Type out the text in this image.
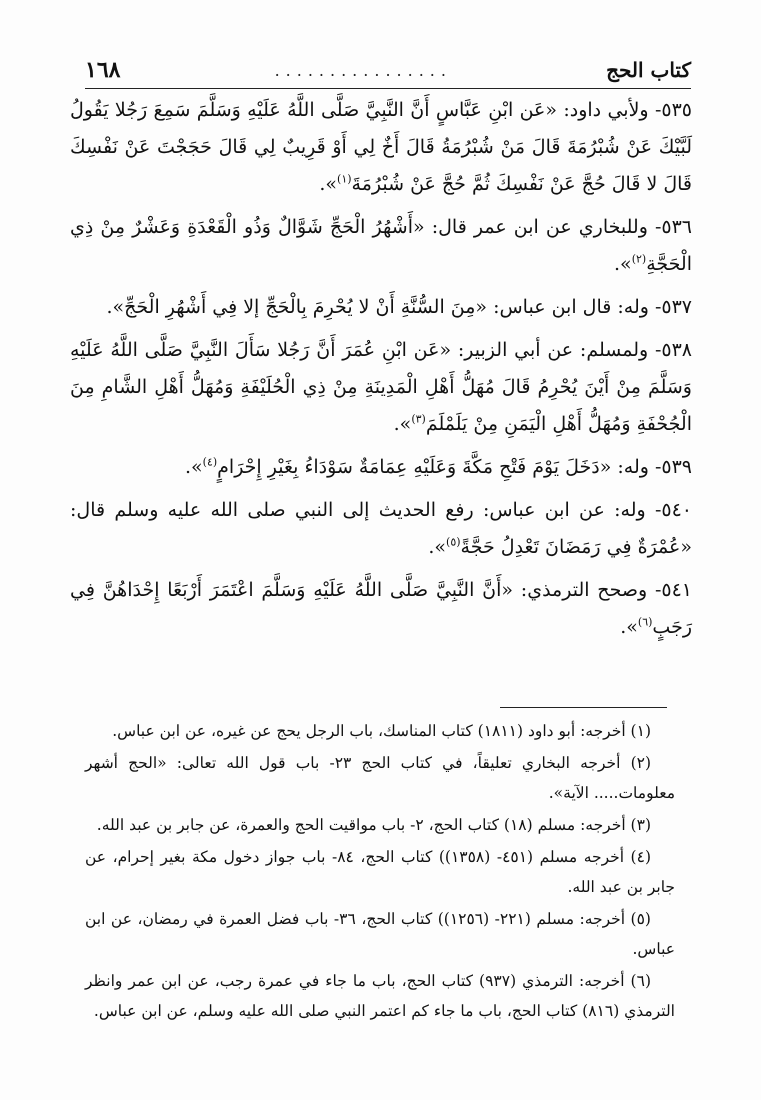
كتاب الحج
................
١٦٨

٥٣٥- ولأبي داود: «عَن ابْنِ عَبَّاسٍ أَنَّ النَّبِيَّ صَلَّى اللَّهُ عَلَيْهِ وَسَلَّمَ سَمِعَ رَجُلا يَقُولُ لَبَّيْكَ عَنْ شُبْرُمَةَ قَالَ مَنْ شُبْرُمَةُ قَالَ أَخٌ لِي أَوْ قَرِيبٌ لِي قَالَ حَجَجْتَ عَنْ نَفْسِكَ قَالَ لا قَالَ حُجَّ عَنْ نَفْسِكَ ثُمَّ حُجَّ عَنْ شُبْرُمَةَ$^{(١)}$».

٥٣٦- وللبخاري عن ابن عمر قال: «أَشْهُرُ الْحَجِّ شَوَّالٌ وَذُو الْقَعْدَةِ وَعَشْرٌ مِنْ ذِي الْحَجَّةِ$^{(٢)}$».

٥٣٧- وله: قال ابن عباس: «مِنَ السُّنَّةِ أَنْ لا يُحْرِمَ بِالْحَجِّ إلا فِي أَشْهُرِ الْحَجِّ».

٥٣٨- ولمسلم: عن أبي الزبير: «عَن ابْنِ عُمَرَ أَنَّ رَجُلا سَأَلَ النَّبِيَّ صَلَّى اللَّهُ عَلَيْهِ وَسَلَّمَ مِنْ أَيْنَ يُحْرِمُ قَالَ مُهَلُّ أَهْلِ الْمَدِينَةِ مِنْ ذِي الْحُلَيْفَةِ وَمُهَلُّ أَهْلِ الشَّامِ مِنَ الْجُحْفَةِ وَمُهَلُّ أَهْلِ الْيَمَنِ مِنْ يَلَمْلَمَ$^{(٣)}$».

٥٣٩- وله: «دَخَلَ يَوْمَ فَتْحِ مَكَّةَ وَعَلَيْهِ عِمَامَةٌ سَوْدَاءُ بِغَيْرِ إِحْرَامٍ$^{(٤)}$».

٥٤٠- وله: عن ابن عباس: رفع الحديث إلى النبي صلى الله عليه وسلم قال: «عُمْرَةٌ فِي رَمَضَانَ تَعْدِلُ حَجَّةً$^{(٥)}$».

٥٤١- وصحح الترمذي: «أَنَّ النَّبِيَّ صَلَّى اللَّهُ عَلَيْهِ وَسَلَّمَ اعْتَمَرَ أَرْبَعًا إِحْدَاهُنَّ فِي رَجَبٍ$^{(٦)}$».

(١) أخرجه: أبو داود (١٨١١) كتاب المناسك، باب الرجل يحج عن غيره، عن ابن عباس.

(٢) أخرجه البخاري تعليقاً، في كتاب الحج ٢٣- باب قول الله تعالى: «الحج أشهر معلومات..... الآية».

(٣) أخرجه: مسلم (١٨) كتاب الحج، ٢- باب مواقيت الحج والعمرة، عن جابر بن عبد الله.

(٤) أخرجه مسلم (٤٥١- (١٣٥٨)) كتاب الحج، ٨٤- باب جواز دخول مكة بغير إحرام، عن جابر بن عبد الله.

(٥) أخرجه: مسلم (٢٢١- (١٢٥٦)) كتاب الحج، ٣٦- باب فضل العمرة في رمضان، عن ابن عباس.

(٦) أخرجه: الترمذي (٩٣٧) كتاب الحج، باب ما جاء في عمرة رجب، عن ابن عمر وانظر الترمذي (٨١٦) كتاب الحج، باب ما جاء كم اعتمر النبي صلى الله عليه وسلم، عن ابن عباس.
